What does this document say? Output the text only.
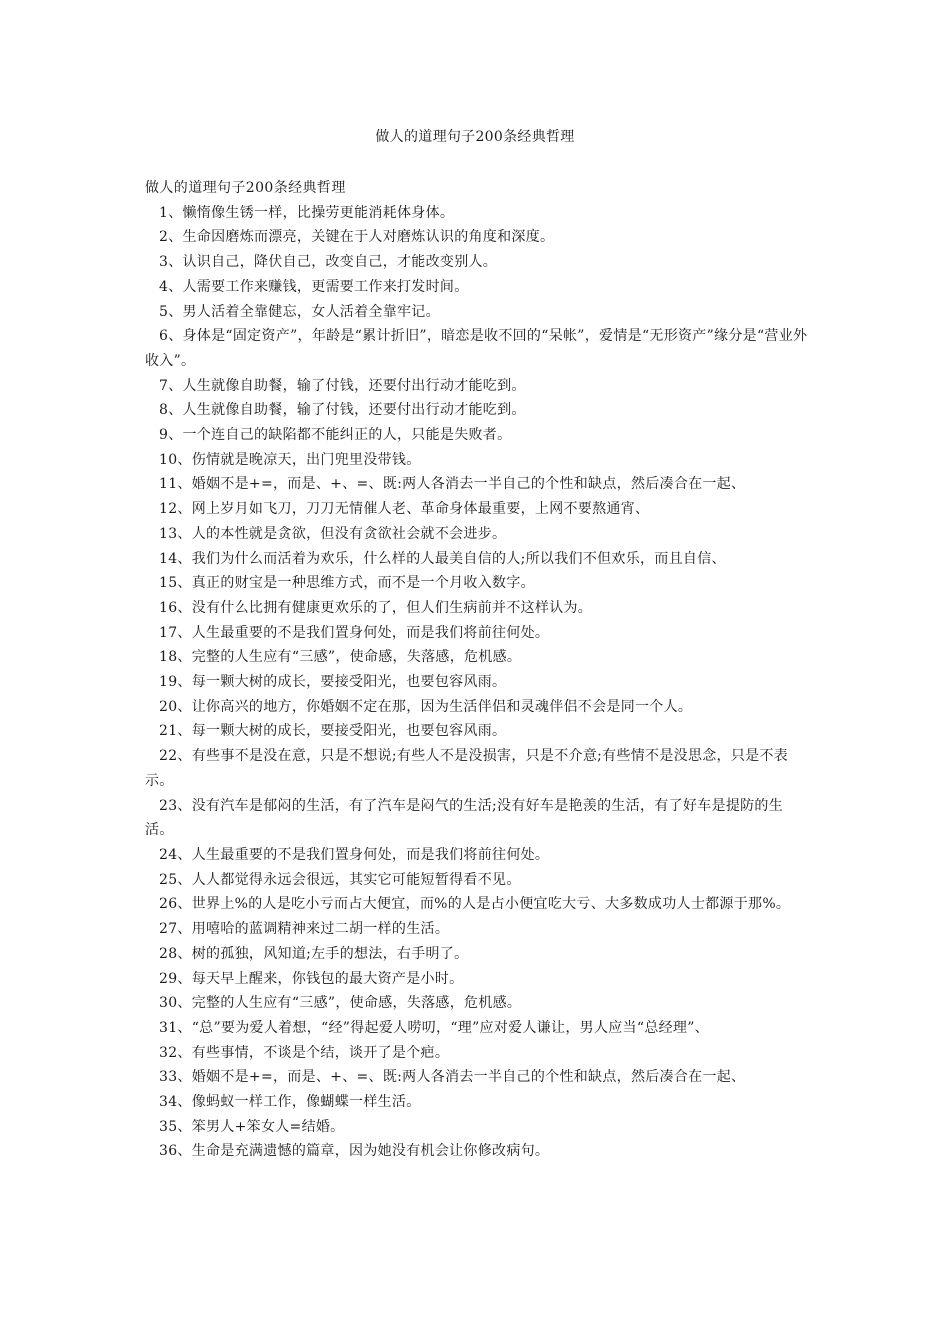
做人的道理句子200条经典哲理

做人的道理句子200条经典哲理

1、懒惰像生锈一样，比操劳更能消耗体身体。

2、生命因磨炼而漂亮，关键在于人对磨炼认识的角度和深度。

3、认识自己，降伏自己，改变自己，才能改变别人。

4、人需要工作来赚钱，更需要工作来打发时间。

5、男人活着全靠健忘，女人活着全靠牢记。

6、身体是“固定资产”，年龄是“累计折旧”，暗恋是收不回的“呆帐”，爱情是“无形资产”缘分是“营业外收入”。

7、人生就像自助餐，输了付钱，还要付出行动才能吃到。

8、人生就像自助餐，输了付钱，还要付出行动才能吃到。

9、一个连自己的缺陷都不能纠正的人，只能是失败者。

10、伤情就是晚凉天，出门兜里没带钱。

11、婚姻不是+=，而是、+、=、既:两人各消去一半自己的个性和缺点，然后凑合在一起、

12、网上岁月如飞刀，刀刀无情催人老、革命身体最重要，上网不要熬通宵、

13、人的本性就是贪欲，但没有贪欲社会就不会进步。

14、我们为什么而活着为欢乐，什么样的人最美自信的人;所以我们不但欢乐，而且自信、

15、真正的财宝是一种思维方式，而不是一个月收入数字。

16、没有什么比拥有健康更欢乐的了，但人们生病前并不这样认为。

17、人生最重要的不是我们置身何处，而是我们将前往何处。

18、完整的人生应有“三感”，使命感，失落感，危机感。

19、每一颗大树的成长，要接受阳光，也要包容风雨。

20、让你高兴的地方，你婚姻不定在那，因为生活伴侣和灵魂伴侣不会是同一个人。

21、每一颗大树的成长，要接受阳光，也要包容风雨。

22、有些事不是没在意，只是不想说;有些人不是没损害，只是不介意;有些情不是没思念，只是不表示。

23、没有汽车是郁闷的生活，有了汽车是闷气的生活;没有好车是艳羡的生活，有了好车是提防的生活。

24、人生最重要的不是我们置身何处，而是我们将前往何处。

25、人人都觉得永远会很远，其实它可能短暂得看不见。

26、世界上%的人是吃小亏而占大便宜，而%的人是占小便宜吃大亏、大多数成功人士都源于那%。

27、用嘻哈的蓝调精神来过二胡一样的生活。

28、树的孤独，风知道;左手的想法，右手明了。

29、每天早上醒来，你钱包的最大资产是小时。

30、完整的人生应有“三感”，使命感，失落感，危机感。

31、“总”要为爱人着想，“经”得起爱人唠叨，“理”应对爱人谦让，男人应当“总经理”、

32、有些事情，不谈是个结，谈开了是个疤。

33、婚姻不是+=，而是、+、=、既:两人各消去一半自己的个性和缺点，然后凑合在一起、

34、像蚂蚁一样工作，像蝴蝶一样生活。

35、笨男人+笨女人=结婚。

36、生命是充满遗憾的篇章，因为她没有机会让你修改病句。
